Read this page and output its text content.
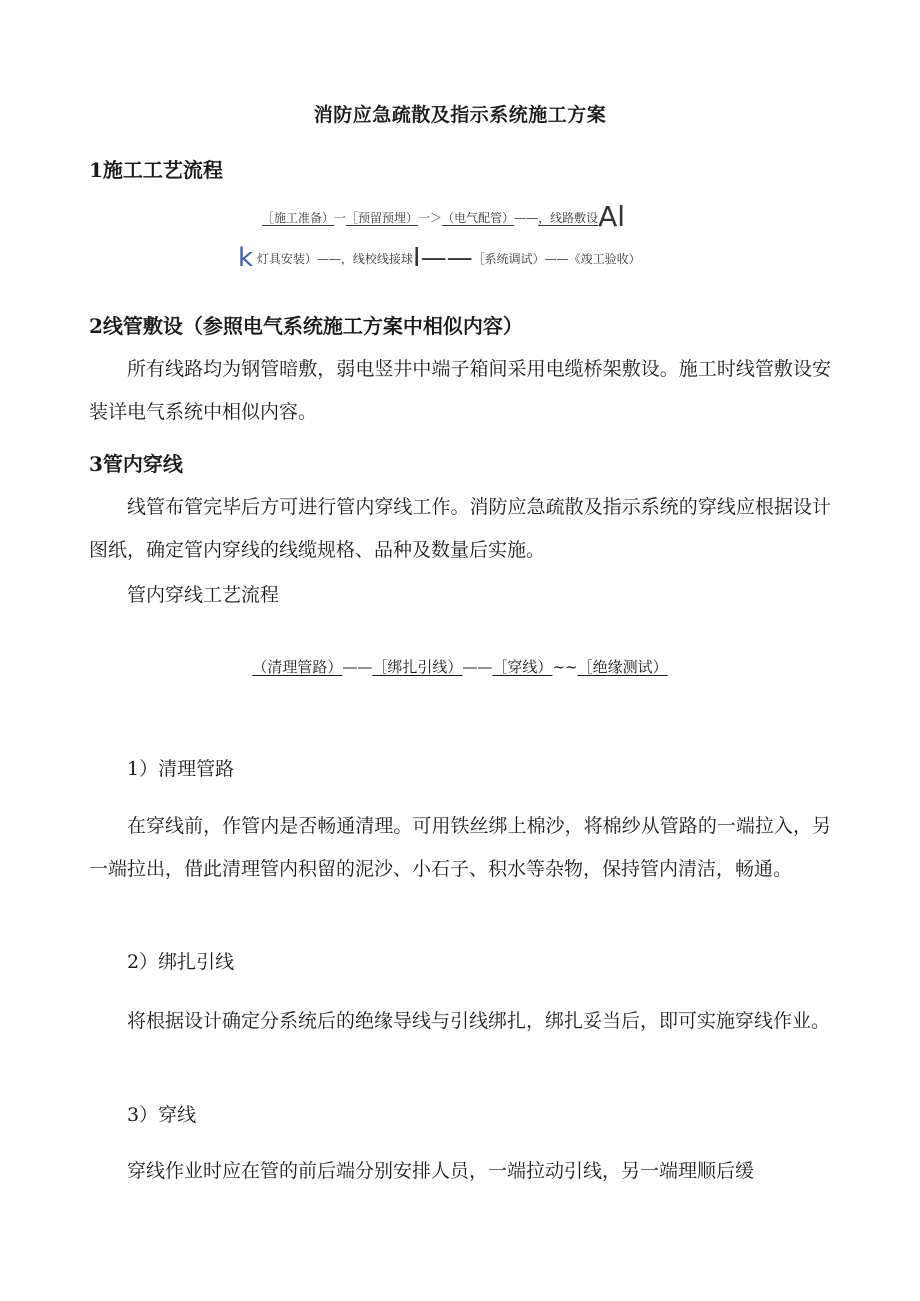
消防应急疏散及指示系统施工方案
1施工工艺流程
［施工准备）一［预留预埋）一＞（电气配管）——，线路敷设Al
k 灯具安装）——，线校线接球I——［系统调试）——《竣工验收）
2线管敷设（参照电气系统施工方案中相似内容）
所有线路均为钢管暗敷，弱电竖井中端子箱间采用电缆桥架敷设。施工时线管敷设安装详电气系统中相似内容。
3管内穿线
线管布管完毕后方可进行管内穿线工作。消防应急疏散及指示系统的穿线应根据设计图纸，确定管内穿线的线缆规格、品种及数量后实施。
管内穿线工艺流程
（清理管路）——［绑扎引线）——［穿线）~~［绝缘测试）
1）清理管路
在穿线前，作管内是否畅通清理。可用铁丝绑上棉沙，将棉纱从管路的一端拉入，另一端拉出，借此清理管内积留的泥沙、小石子、积水等杂物，保持管内清洁，畅通。
2）绑扎引线
将根据设计确定分系统后的绝缘导线与引线绑扎，绑扎妥当后，即可实施穿线作业。
3）穿线
穿线作业时应在管的前后端分别安排人员，一端拉动引线，另一端理顺后缓
